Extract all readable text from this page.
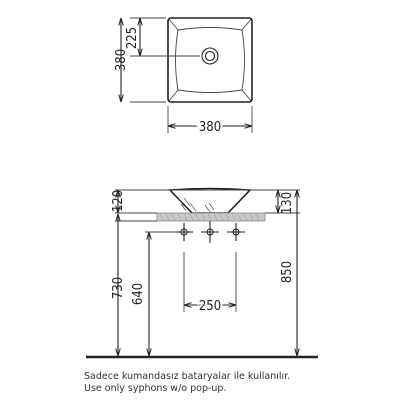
380
225
380
120	130
730 640
250
850

Sadece kumandasız bataryalar ile kullanılır.

Use only syphons w/o pop-up.
